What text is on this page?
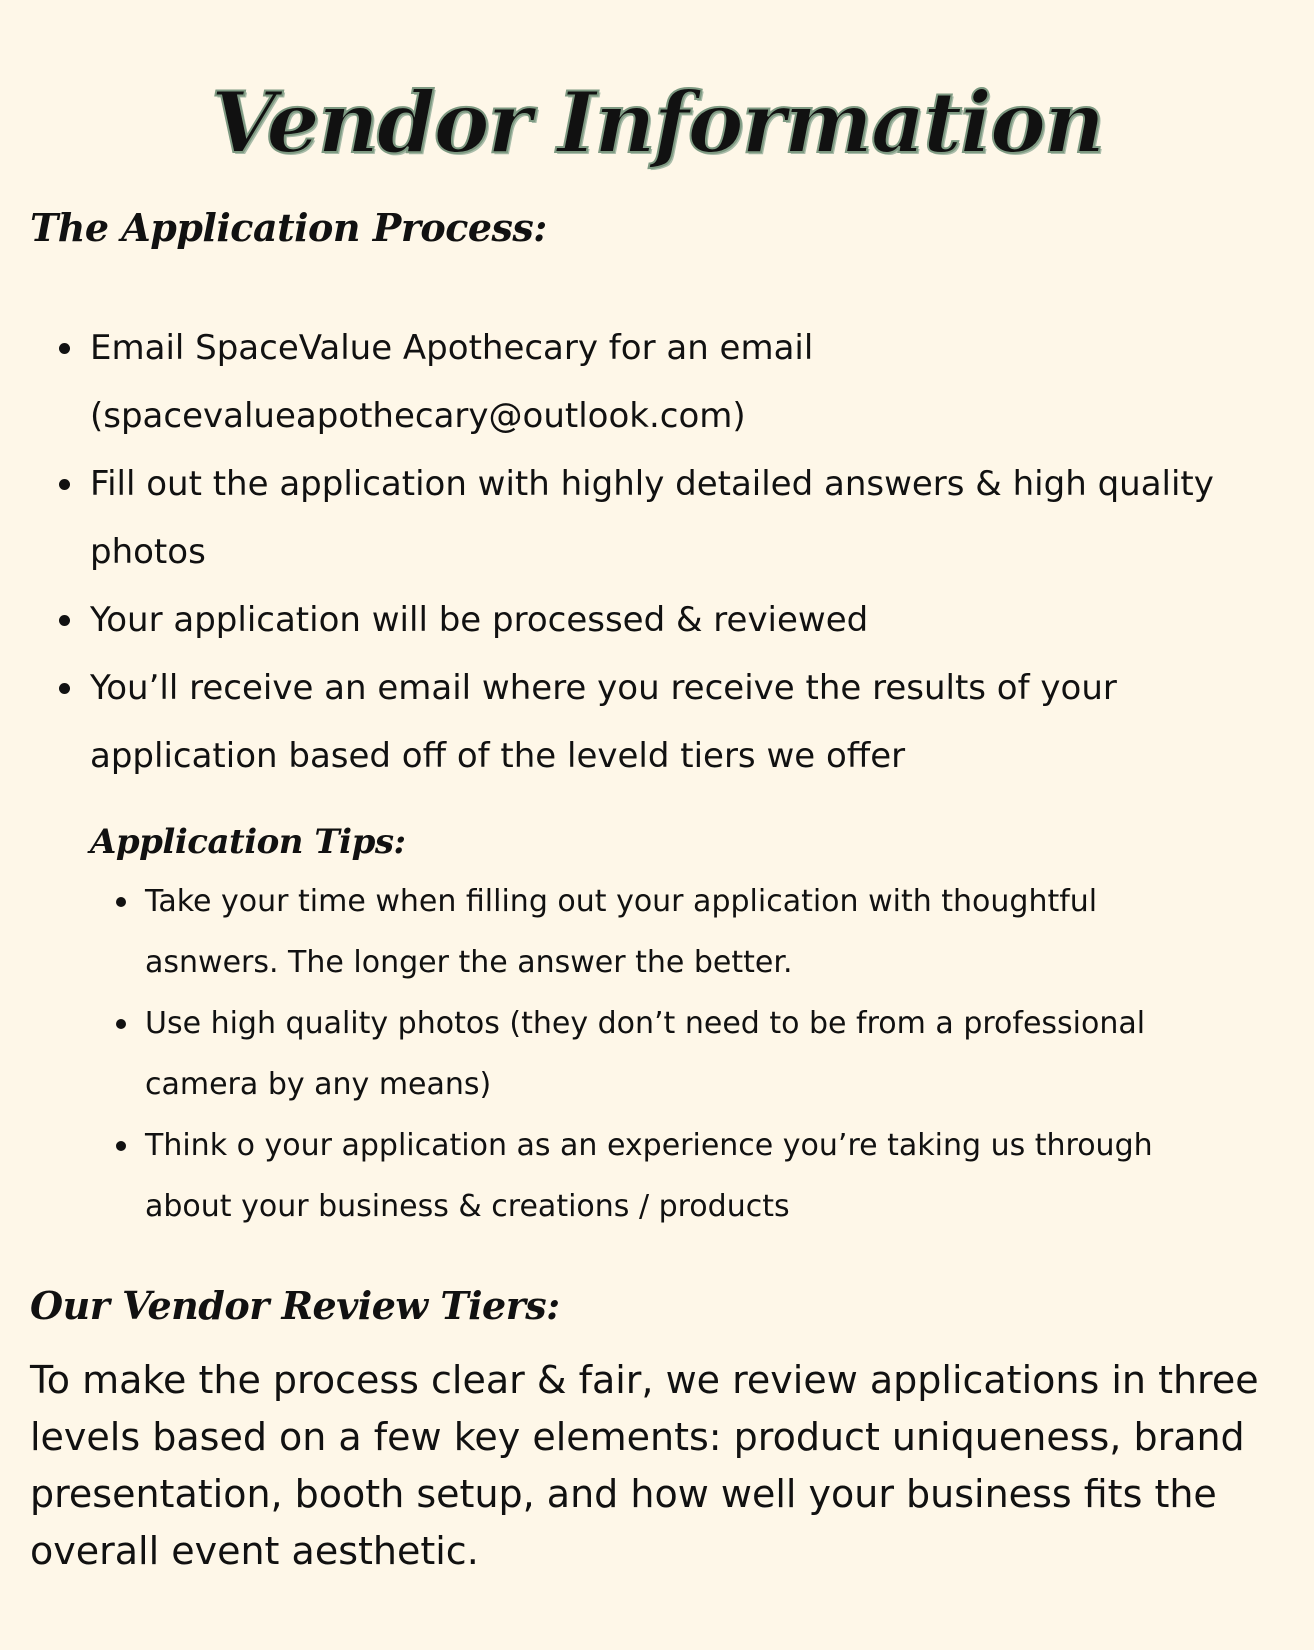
Vendor Information
The Application Process:
Email SpaceValue Apothecary for an email (spacevalueapothecary@outlook.com)
Fill out the application with highly detailed answers & high quality photos
Your application will be processed & reviewed
You’ll receive an email where you receive the results of your application based off of the leveld tiers we offer
Application Tips:
Take your time when filling out your application with thoughtful asnwers. The longer the answer the better.
Use high quality photos (they don’t need to be from a professional camera by any means)
Think o your application as an experience you’re taking us through about your business & creations / products
Our Vendor Review Tiers:

To make the process clear & fair, we review applications in three levels based on a few key elements: product uniqueness, brand presentation, booth setup, and how well your business fits the overall event aesthetic.
